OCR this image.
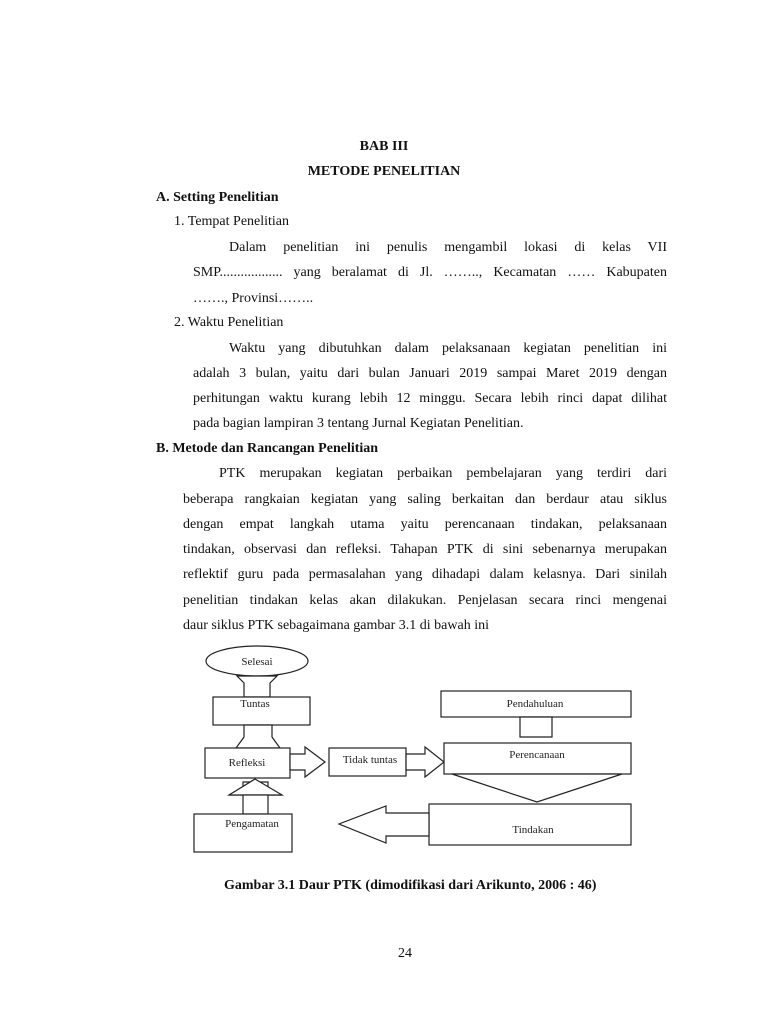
BAB III
METODE PENELITIAN
A. Setting Penelitian
1. Tempat Penelitian
Dalam penelitian ini penulis mengambil lokasi di kelas VII
SMP.................. yang beralamat di Jl. …….., Kecamatan …… Kabupaten
……., Provinsi……..
2. Waktu Penelitian
Waktu yang dibutuhkan dalam pelaksanaan kegiatan penelitian ini
adalah 3 bulan, yaitu dari bulan Januari 2019 sampai Maret 2019 dengan
perhitungan waktu kurang lebih 12 minggu. Secara lebih rinci dapat dilihat
pada bagian lampiran 3 tentang Jurnal Kegiatan Penelitian.
B. Metode dan Rancangan Penelitian
PTK merupakan kegiatan perbaikan pembelajaran yang terdiri dari
beberapa rangkaian kegiatan yang saling berkaitan dan berdaur atau siklus
dengan empat langkah utama yaitu perencanaan tindakan, pelaksanaan
tindakan, observasi dan refleksi. Tahapan PTK di sini sebenarnya merupakan
reflektif guru pada permasalahan yang dihadapi dalam kelasnya. Dari sinilah
penelitian tindakan kelas akan dilakukan. Penjelasan secara rinci mengenai
daur siklus PTK sebagaimana gambar 3.1 di bawah ini
Selesai
Tuntas
Refleksi	Tidak tuntas
Pengamatan
Pendahuluan
Perencanaan
Tindakan
Gambar 3.1 Daur PTK (dimodifikasi dari Arikunto, 2006 : 46)
24
